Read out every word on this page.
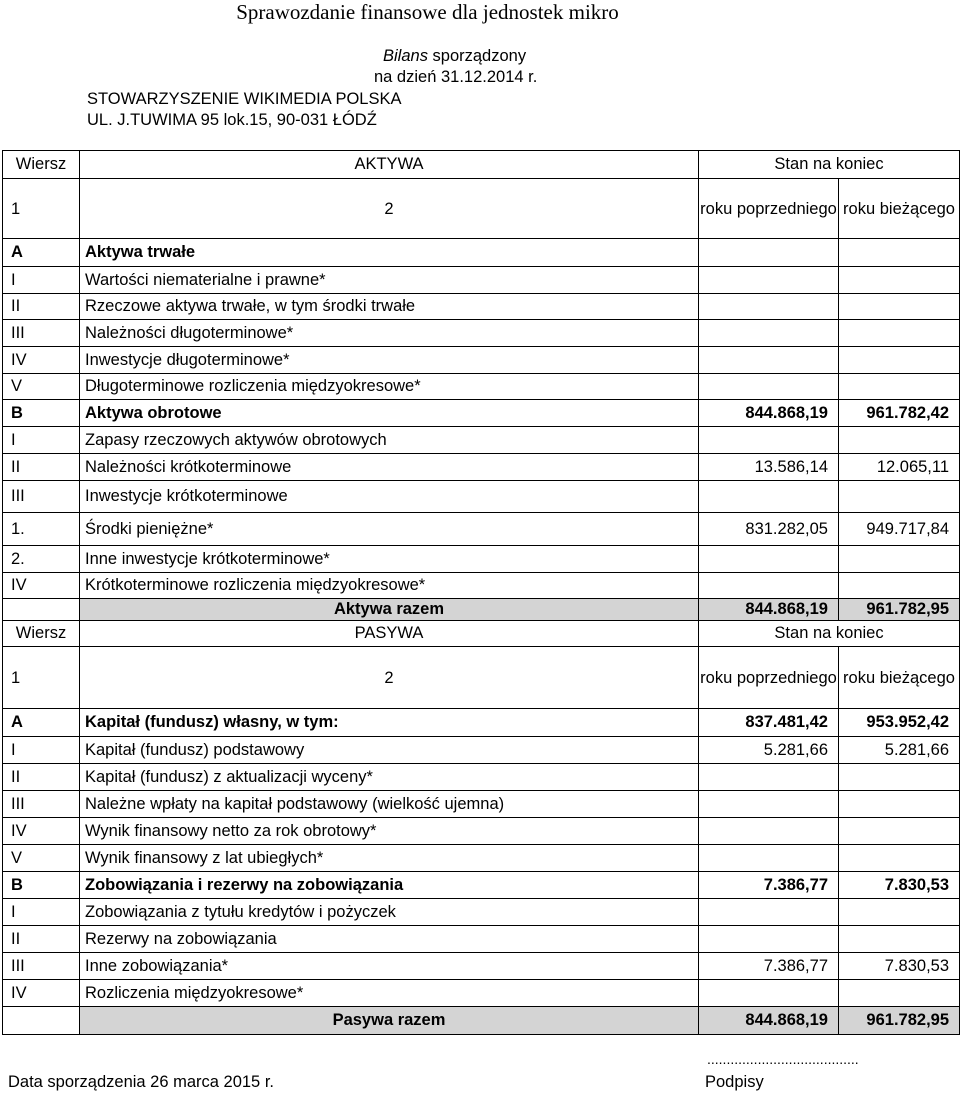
Sprawozdanie finansowe dla jednostek mikro
Bilans sporządzony
na dzień 31.12.2014 r.
STOWARZYSZENIE WIKIMEDIA POLSKA
UL. J.TUWIMA 95 lok.15, 90-031 ŁÓDŹ
Wiersz	AKTYWA	Stan na koniec	
1	2	roku poprzedniego	roku bieżącego
A	Aktywa trwałe		
I	Wartości niematerialne i prawne*		
II	Rzeczowe aktywa trwałe, w tym środki trwałe		
III	Należności długoterminowe*		
IV	Inwestycje długoterminowe*		
V	Długoterminowe rozliczenia międzyokresowe*		
B	Aktywa obrotowe	844.868,19	961.782,42
I	Zapasy rzeczowych aktywów obrotowych		
II	Należności krótkoterminowe	13.586,14	12.065,11
III	Inwestycje krótkoterminowe		
1.	Środki pieniężne*	831.282,05	949.717,84
2.	Inne inwestycje krótkoterminowe*		
IV	Krótkoterminowe rozliczenia międzyokresowe*		
	Aktywa razem	844.868,19	961.782,95
Wiersz	PASYWA	Stan na koniec	
1	2	roku poprzedniego	roku bieżącego
A	Kapitał (fundusz) własny, w tym:	837.481,42	953.952,42
I	Kapitał (fundusz) podstawowy	5.281,66	5.281,66
II	Kapitał (fundusz) z aktualizacji wyceny*		
III	Należne wpłaty na kapitał podstawowy (wielkość ujemna)		
IV	Wynik finansowy netto za rok obrotowy*		
V	Wynik finansowy z lat ubiegłych*		
B	Zobowiązania i rezerwy na zobowiązania	7.386,77	7.830,53
I	Zobowiązania z tytułu kredytów i pożyczek		
II	Rezerwy na zobowiązania		
III	Inne zobowiązania*	7.386,77	7.830,53
IV	Rozliczenia międzyokresowe*		
	Pasywa razem	844.868,19	961.782,95
Data sporządzenia 26 marca 2015 r.
.......................................
Podpisy
